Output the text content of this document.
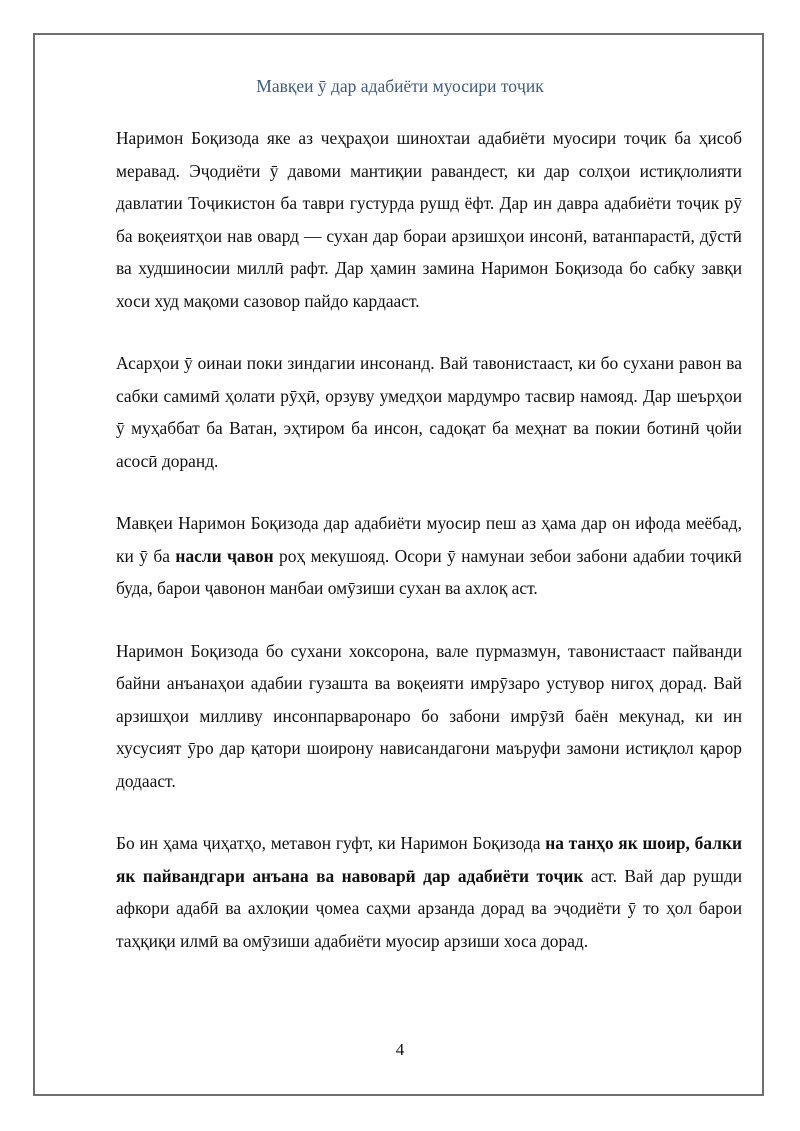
Мавқеи ӯ дар адабиёти муосири тоҷик

Наримон Боқизода яке аз чеҳраҳои шинохтаи адабиёти муосири тоҷик ба ҳисоб меравад. Эҷодиёти ӯ давоми мантиқии равандест, ки дар солҳои истиқлолияти давлатии Тоҷикистон ба таври густурда рушд ёфт. Дар ин давра адабиёти тоҷик рӯ ба воқеиятҳои нав овард — сухан дар бораи арзишҳои инсонӣ, ватанпарастӣ, дӯстӣ ва худшиносии миллӣ рафт. Дар ҳамин замина Наримон Боқизода бо сабку завқи хоси худ мақоми сазовор пайдо кардааст.

Асарҳои ӯ оинаи поки зиндагии инсонанд. Вай тавонистааст, ки бо сухани равон ва сабки самимӣ ҳолати рӯҳӣ, орзуву умедҳои мардумро тасвир намояд. Дар шеърҳои ӯ муҳаббат ба Ватан, эҳтиром ба инсон, садоқат ба меҳнат ва покии ботинӣ ҷойи асосӣ доранд.

Мавқеи Наримон Боқизода дар адабиёти муосир пеш аз ҳама дар он ифода меёбад, ки ӯ ба насли ҷавон роҳ мекушояд. Осори ӯ намунаи зебои забони адабии тоҷикӣ буда, барои ҷавонон манбаи омӯзиши сухан ва ахлоқ аст.

Наримон Боқизода бо сухани хоксорона, вале пурмазмун, тавонистааст пайванди байни анъанаҳои адабии гузашта ва воқеияти имрӯзаро устувор нигоҳ дорад. Вай арзишҳои милливу инсонпарваронаро бо забони имрӯзӣ баён мекунад, ки ин хусусият ӯро дар қатори шоирону нависандагони маъруфи замони истиқлол қарор додааст.

Бо ин ҳама ҷиҳатҳо, метавон гуфт, ки Наримон Боқизода на танҳо як шоир, балки як пайвандгари анъана ва навоварӣ дар адабиёти тоҷик аст. Вай дар рушди афкори адабӣ ва ахлоқии ҷомеа саҳми арзанда дорад ва эҷодиёти ӯ то ҳол барои таҳқиқи илмӣ ва омӯзиши адабиёти муосир арзиши хоса дорад.

4
